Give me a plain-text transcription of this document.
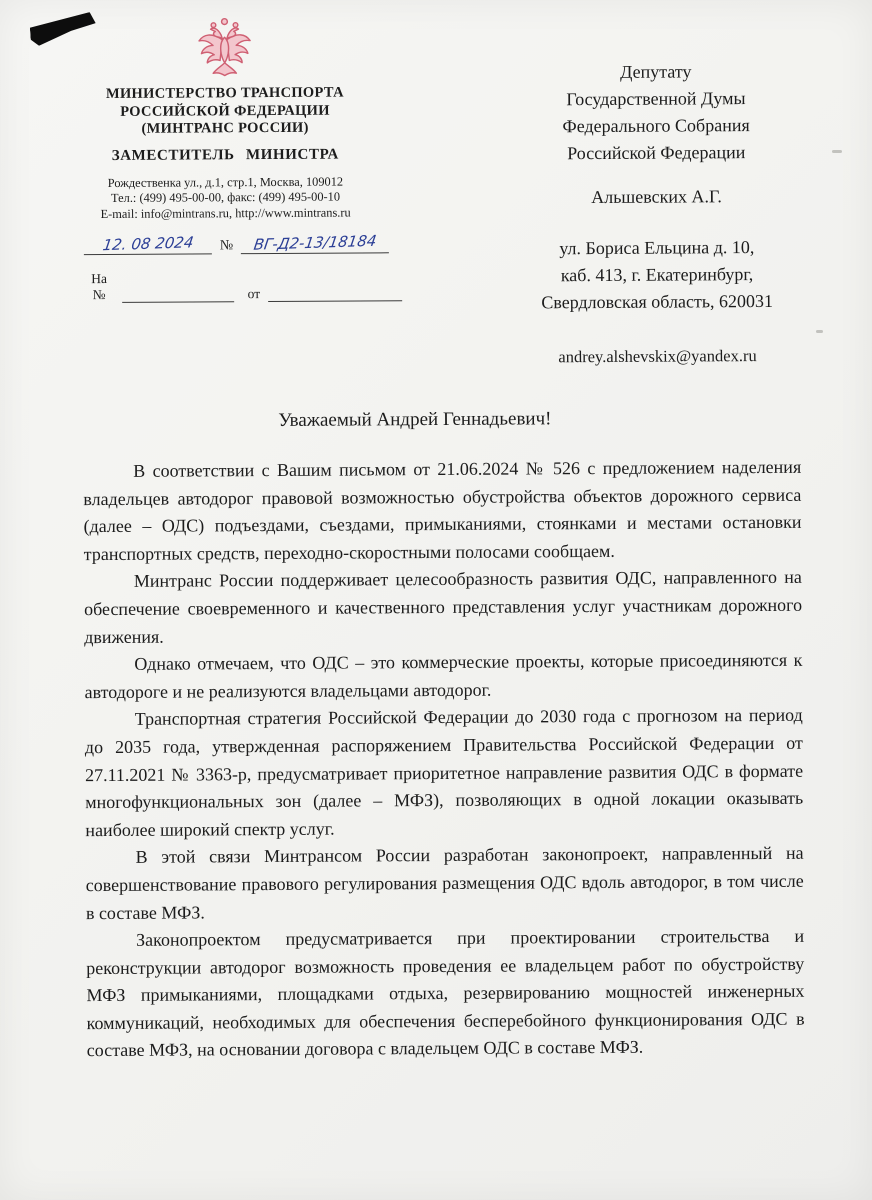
МИНИСТЕРСТВО ТРАНСПОРТА
РОССИЙСКОЙ ФЕДЕРАЦИИ
(МИНТРАНС РОССИИ)
ЗАМЕСТИТЕЛЬ МИНИСТРА
Рождественка ул., д.1, стр.1, Москва, 109012
Тел.: (499) 495-00-00, факс: (499) 495-00-10
E-mail: info@mintrans.ru, http://www.mintrans.ru
12. 08 2024	№	ВГ-Д2-13/18184
На №
	от

Депутату
Государственной Думы
Федерального Собрания
Российской Федерации
Альшевских А.Г.
ул. Бориса Ельцина д. 10,
каб. 413, г. Екатеринбург,
Свердловская область, 620031
andrey.alshevskix@yandex.ru
Уважаемый Андрей Геннадьевич!

В соответствии с Вашим письмом от 21.06.2024 № 526 с предложением наделения владельцев автодорог правовой возможностью обустройства объектов дорожного сервиса (далее – ОДС) подъездами, съездами, примыканиями, стоянками и местами остановки транспортных средств, переходно-скоростными полосами сообщаем.

Минтранс России поддерживает целесообразность развития ОДС, направленного на обеспечение своевременного и качественного представления услуг участникам дорожного движения.

Однако отмечаем, что ОДС – это коммерческие проекты, которые присоединяются к автодороге и не реализуются владельцами автодорог.

Транспортная стратегия Российской Федерации до 2030 года с прогнозом на период до 2035 года, утвержденная распоряжением Правительства Российской Федерации от 27.11.2021 № 3363-р, предусматривает приоритетное направление развития ОДС в формате многофункциональных зон (далее – МФЗ), позволяющих в одной локации оказывать наиболее широкий спектр услуг.

В этой связи Минтрансом России разработан законопроект, направленный на совершенствование правового регулирования размещения ОДС вдоль автодорог, в том числе в составе МФЗ.

Законопроектом предусматривается при проектировании строительства и реконструкции автодорог возможность проведения ее владельцем работ по обустройству МФЗ примыканиями, площадками отдыха, резервированию мощностей инженерных коммуникаций, необходимых для обеспечения бесперебойного функционирования ОДС в составе МФЗ, на основании договора с владельцем ОДС в составе МФЗ.
